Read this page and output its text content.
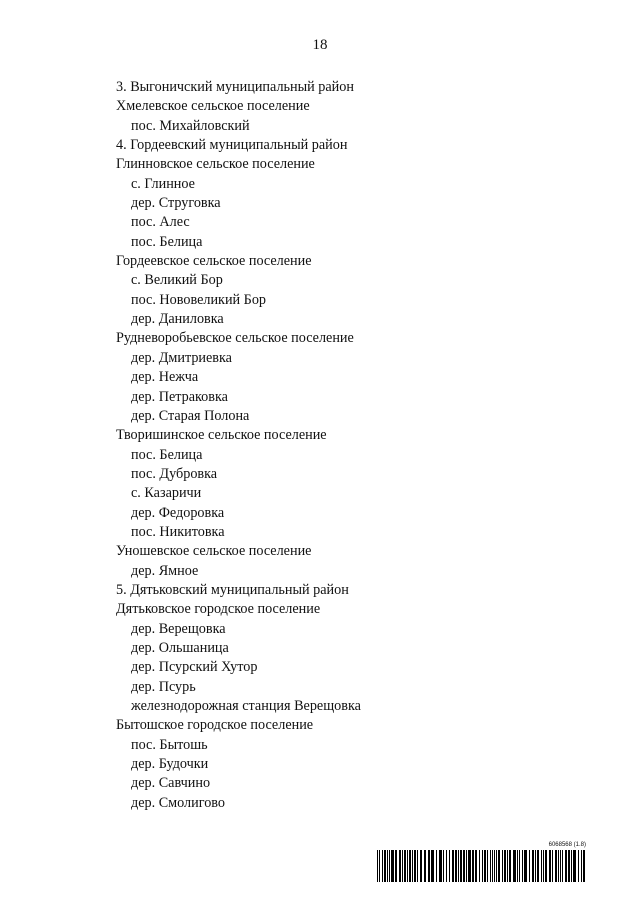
18
3. Выгоничский муниципальный район
Хмелевское сельское поселение
пос. Михайловский
4. Гордеевский муниципальный район
Глинновское сельское поселение
с. Глинное
дер. Струговка
пос. Алес
пос. Белица
Гордеевское сельское поселение
с. Великий Бор
пос. Нововеликий Бор
дер. Даниловка
Рудневоробьевское сельское поселение
дер. Дмитриевка
дер. Нежча
дер. Петраковка
дер. Старая Полона
Творишинское сельское поселение
пос. Белица
пос. Дубровка
с. Казаричи
дер. Федоровка
пос. Никитовка
Уношевское сельское поселение
дер. Ямное
5. Дятьковский муниципальный район
Дятьковское городское поселение
дер. Верещовка
дер. Ольшаница
дер. Псурский Хутор
дер. Псурь
железнодорожная станция Верещовка
Бытошское городское поселение
пос. Бытошь
дер. Будочки
дер. Савчино
дер. Смолигово
6068568 (1.8)
